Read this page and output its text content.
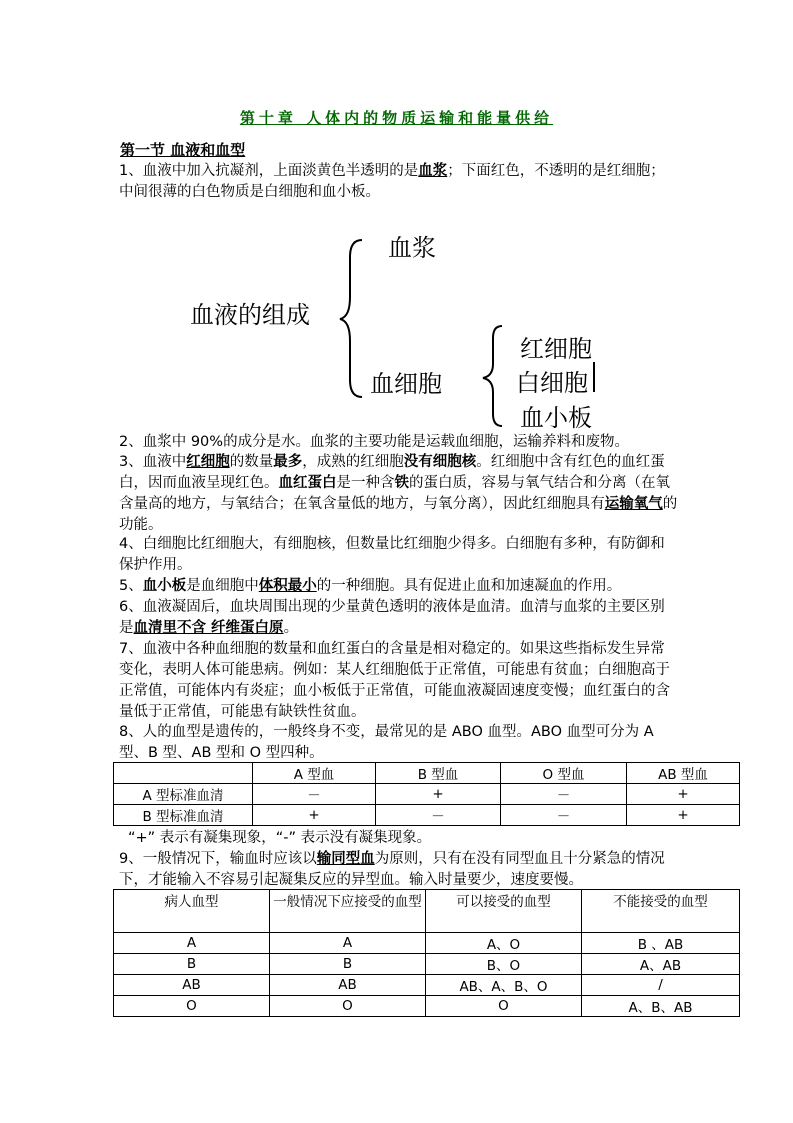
第十章 人体内的物质运输和能量供给
第一节 血液和血型
1、血液中加入抗凝剂，上面淡黄色半透明的是血浆；下面红色，不透明的是红细胞；中间很薄的白色物质是白细胞和血小板。
血浆
血液的组成
血细胞
红细胞
白细胞
血小板
2、血浆中 90%的成分是水。血浆的主要功能是运载血细胞，运输养料和废物。
3、血液中红细胞的数量最多，成熟的红细胞没有细胞核。红细胞中含有红色的血红蛋白，因而血液呈现红色。血红蛋白是一种含铁的蛋白质，容易与氧气结合和分离（在氧含量高的地方，与氧结合；在氧含量低的地方，与氧分离），因此红细胞具有运输氧气的功能。
4、白细胞比红细胞大，有细胞核，但数量比红细胞少得多。白细胞有多种，有防御和保护作用。
5、血小板是血细胞中体积最小的一种细胞。具有促进止血和加速凝血的作用。
6、血液凝固后，血块周围出现的少量黄色透明的液体是血清。血清与血浆的主要区别是血清里不含 纤维蛋白原。
7、血液中各种血细胞的数量和血红蛋白的含量是相对稳定的。如果这些指标发生异常变化，表明人体可能患病。例如：某人红细胞低于正常值，可能患有贫血；白细胞高于正常值，可能体内有炎症；血小板低于正常值，可能血液凝固速度变慢；血红蛋白的含量低于正常值，可能患有缺铁性贫血。
8、人的血型是遗传的，一般终身不变，最常见的是 ABO 血型。ABO 血型可分为 A 型、B 型、AB 型和 O 型四种。
	A 型血	B 型血	O 型血	AB 型血
A 型标准血清	－	+	－	+
B 型标准血清	+	－	－	+
“+” 表示有凝集现象，“-” 表示没有凝集现象。
9、一般情况下，输血时应该以输同型血为原则，只有在没有同型血且十分紧急的情况下，才能输入不容易引起凝集反应的异型血。输入时量要少，速度要慢。
病人血型	一般情况下应接受的血型	可以接受的血型	不能接受的血型
A	A	A、O	B 、AB
B	B	B、O	A、AB
AB	AB	AB、A、B、O	/
O	O	O	A、B、AB
